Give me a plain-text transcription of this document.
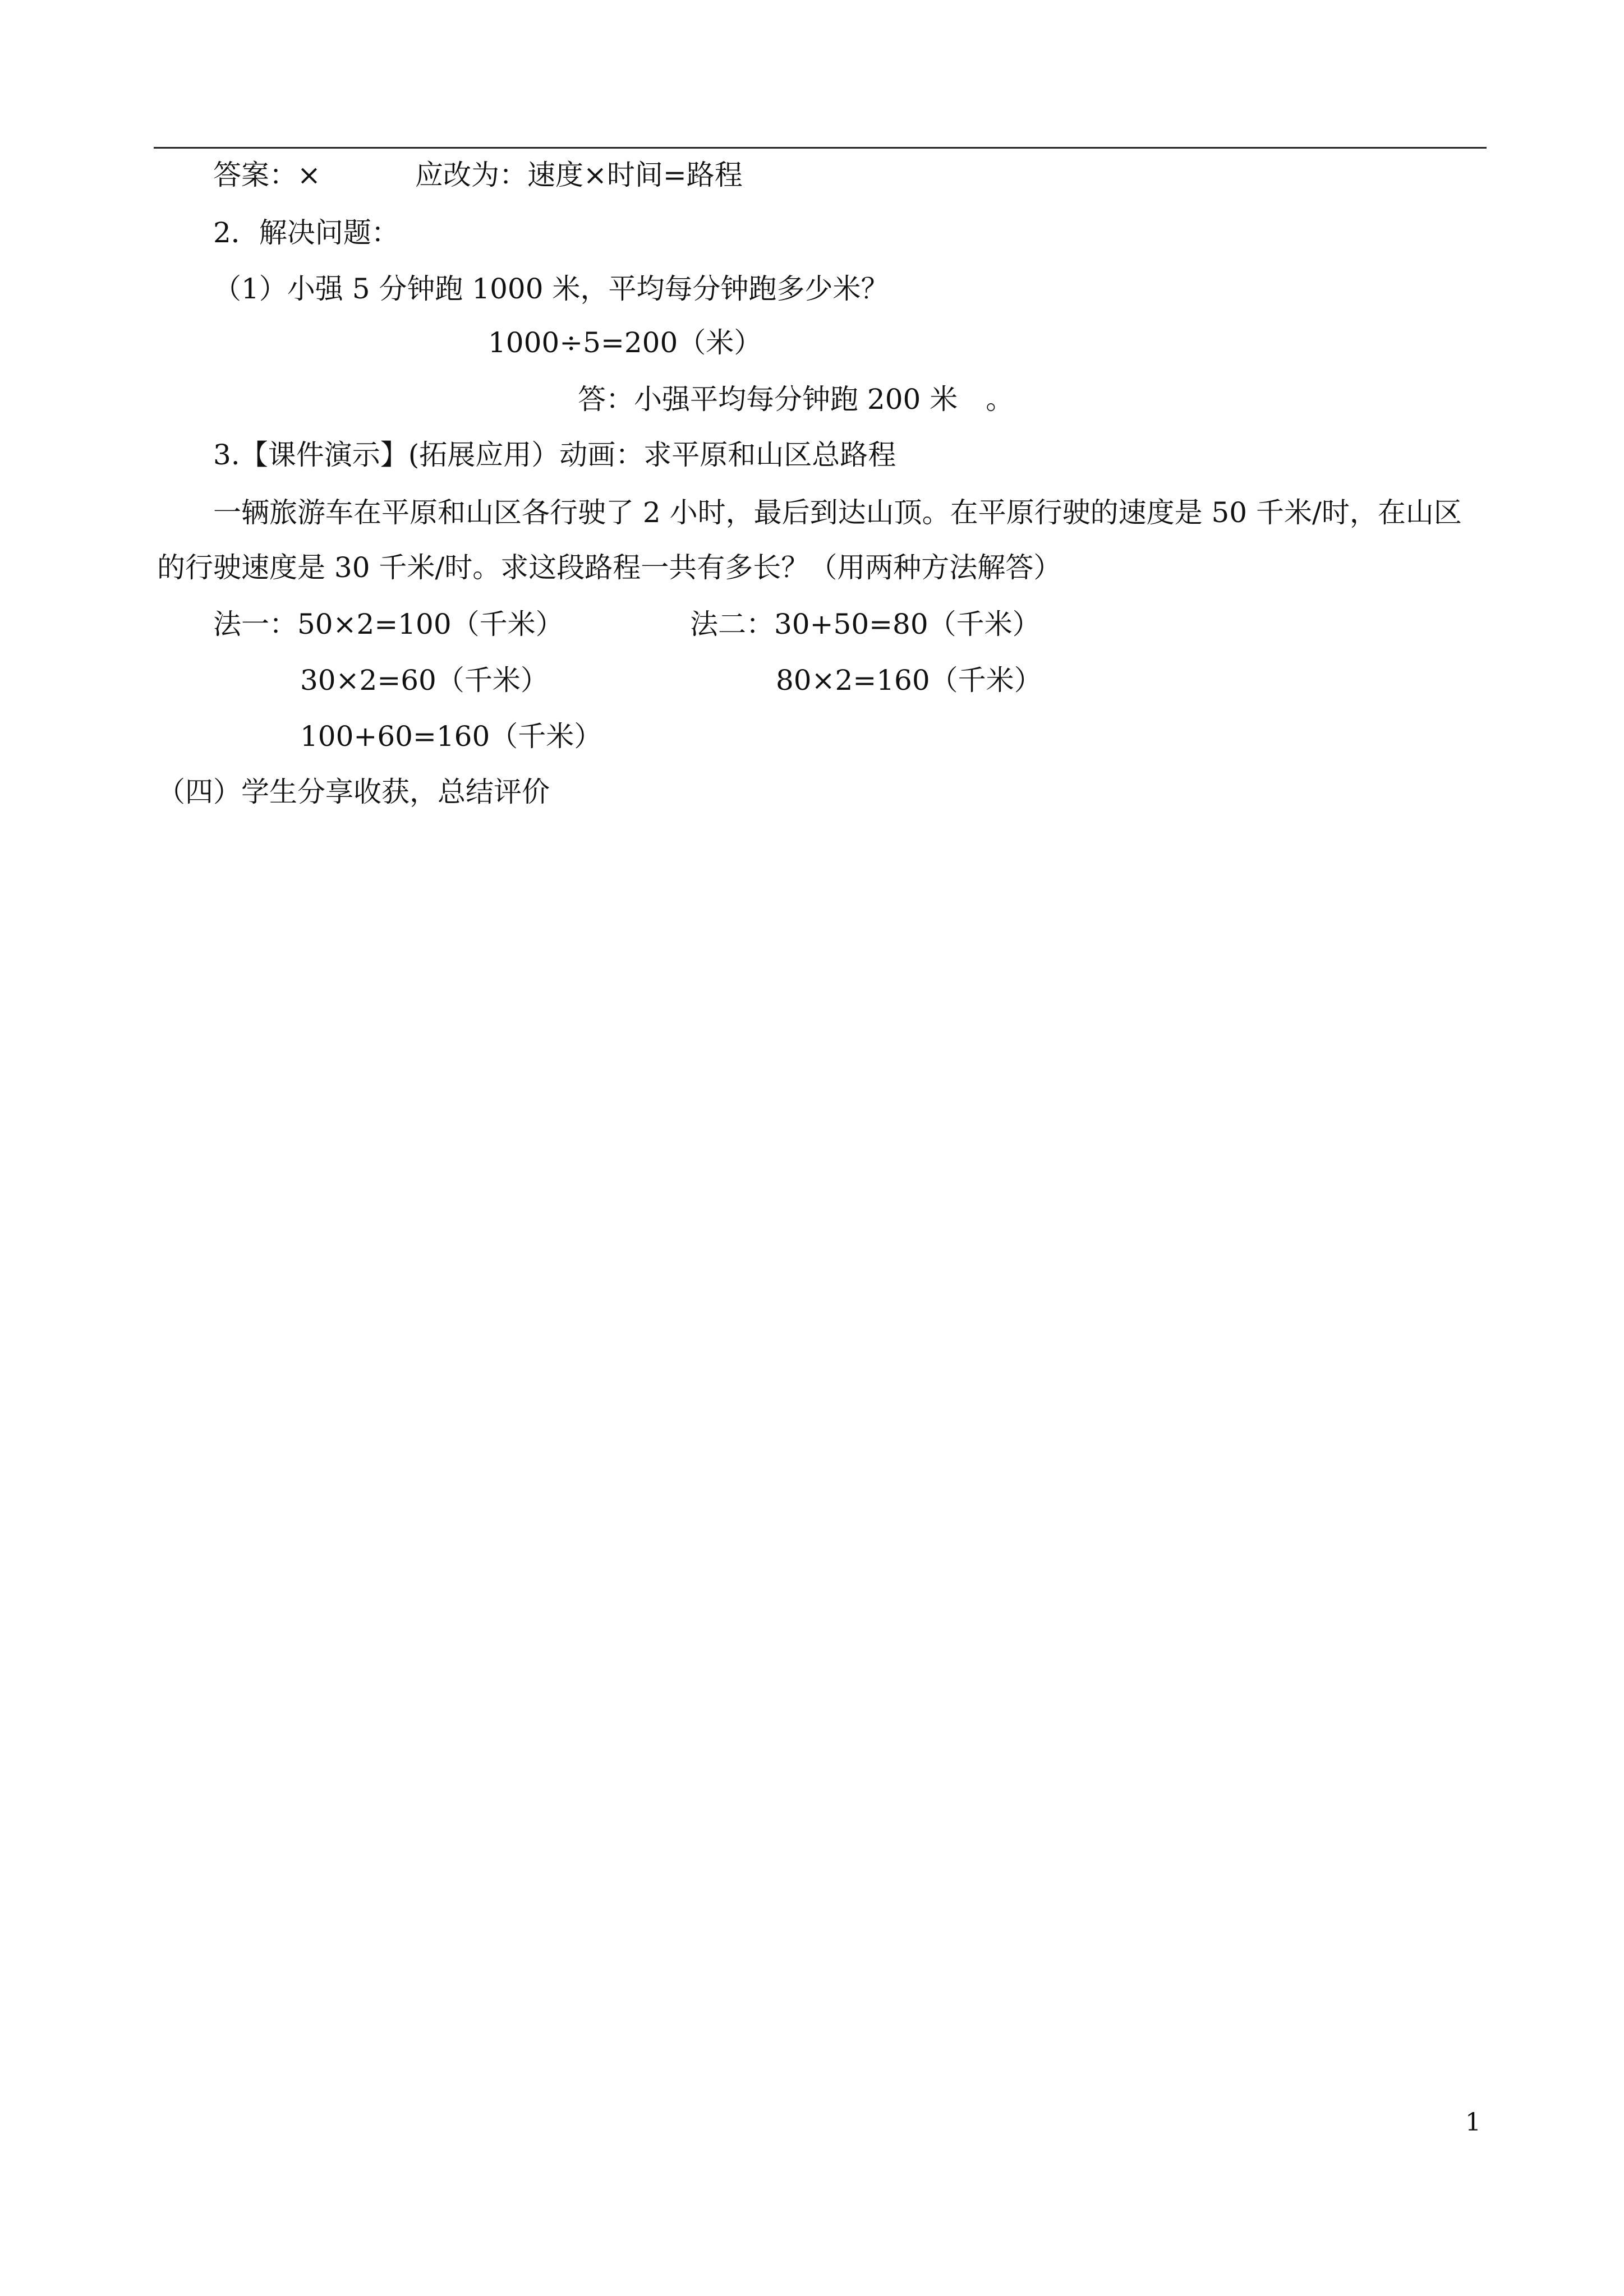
答案：×	应改为：速度×时间=路程
2．解决问题：
（1）小强 5 分钟跑 1000 米，平均每分钟跑多少米？
1000÷5=200（米）
答：小强平均每分钟跑 200 米　。
3.【课件演示】(拓展应用）动画：求平原和山区总路程
一辆旅游车在平原和山区各行驶了 2 小时，最后到达山顶。在平原行驶的速度是 50 千米/时，在山区
的行驶速度是 30 千米/时。求这段路程一共有多长？（用两种方法解答）
法一：50×2=100（千米）	法二：30+50=80（千米）
30×2=60（千米）	80×2=160（千米）
100+60=160（千米）
（四）学生分享收获，总结评价
1
